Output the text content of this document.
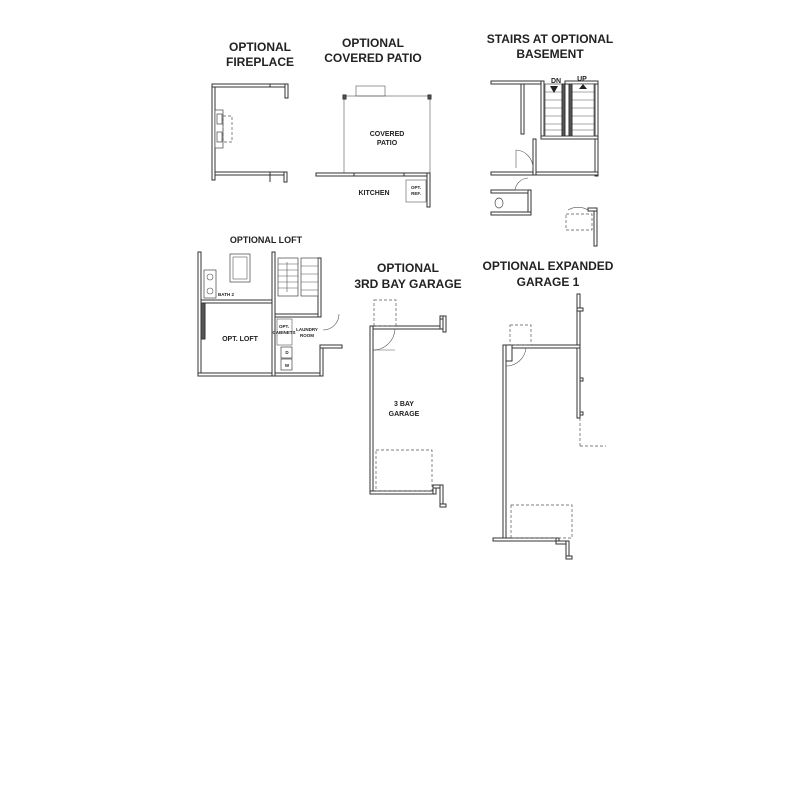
OPTIONAL
FIREPLACE
OPTIONAL
COVERED PATIO
COVERED
PATIO
KITCHEN
OPT.
REF.
STAIRS AT OPTIONAL
BASEMENT
DN UP
OPTIONAL LOFT
BATH 2
OPT. LOFT
OPT.
CABINETS
LAUNDRY
ROOM
D
W
OPTIONAL
3RD BAY GARAGE
3 BAY
GARAGE
OPTIONAL EXPANDED
GARAGE 1
